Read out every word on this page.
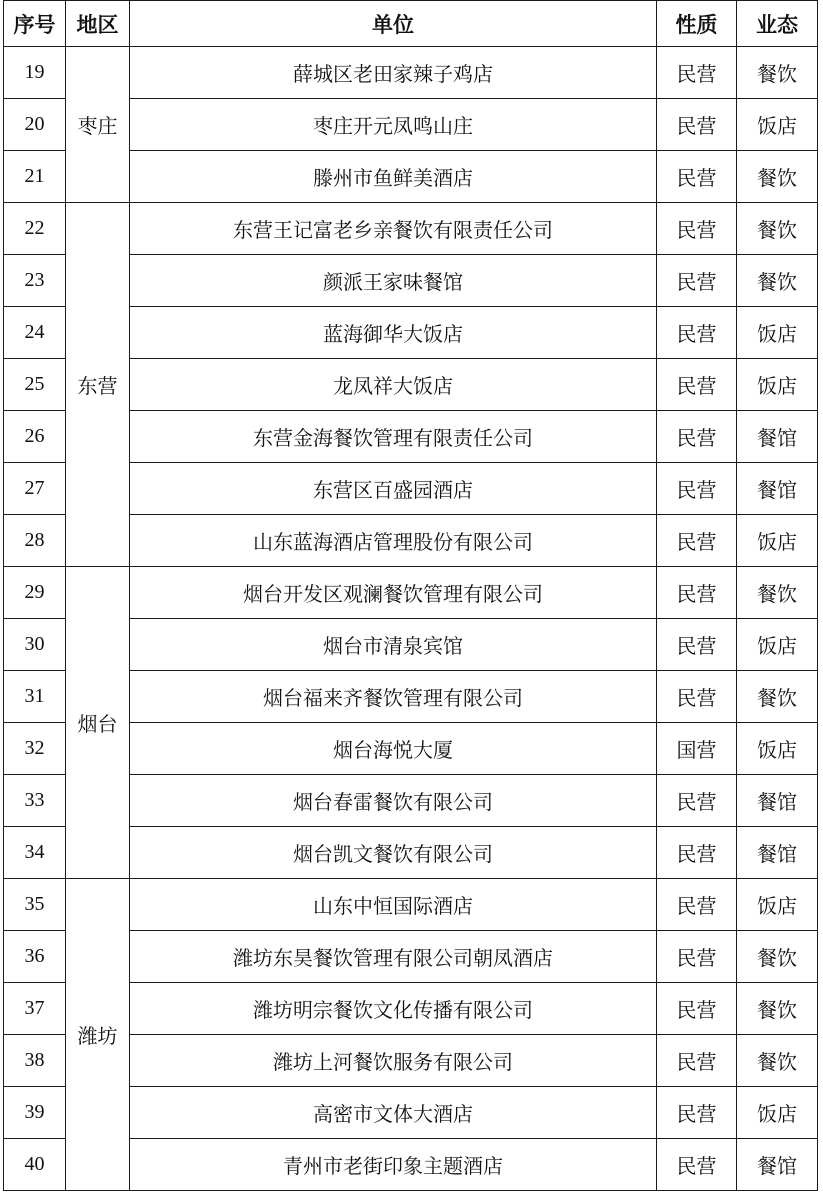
序号	地区	单位	性质	业态
19	枣庄	薛城区老田家辣子鸡店	民营	餐饮
20		枣庄开元凤鸣山庄	民营	饭店
21		滕州市鱼鲜美酒店	民营	餐饮
22	东营	东营王记富老乡亲餐饮有限责任公司	民营	餐饮
23		颜派王家味餐馆	民营	餐饮
24		蓝海御华大饭店	民营	饭店
25		龙凤祥大饭店	民营	饭店
26		东营金海餐饮管理有限责任公司	民营	餐馆
27		东营区百盛园酒店	民营	餐馆
28		山东蓝海酒店管理股份有限公司	民营	饭店
29	烟台	烟台开发区观澜餐饮管理有限公司	民营	餐饮
30		烟台市清泉宾馆	民营	饭店
31		烟台福来齐餐饮管理有限公司	民营	餐饮
32		烟台海悦大厦	国营	饭店
33		烟台春雷餐饮有限公司	民营	餐馆
34		烟台凯文餐饮有限公司	民营	餐馆
35	潍坊	山东中恒国际酒店	民营	饭店
36		潍坊东昊餐饮管理有限公司朝凤酒店	民营	餐饮
37		潍坊明宗餐饮文化传播有限公司	民营	餐饮
38		潍坊上河餐饮服务有限公司	民营	餐饮
39		高密市文体大酒店	民营	饭店
40		青州市老街印象主题酒店	民营	餐馆
